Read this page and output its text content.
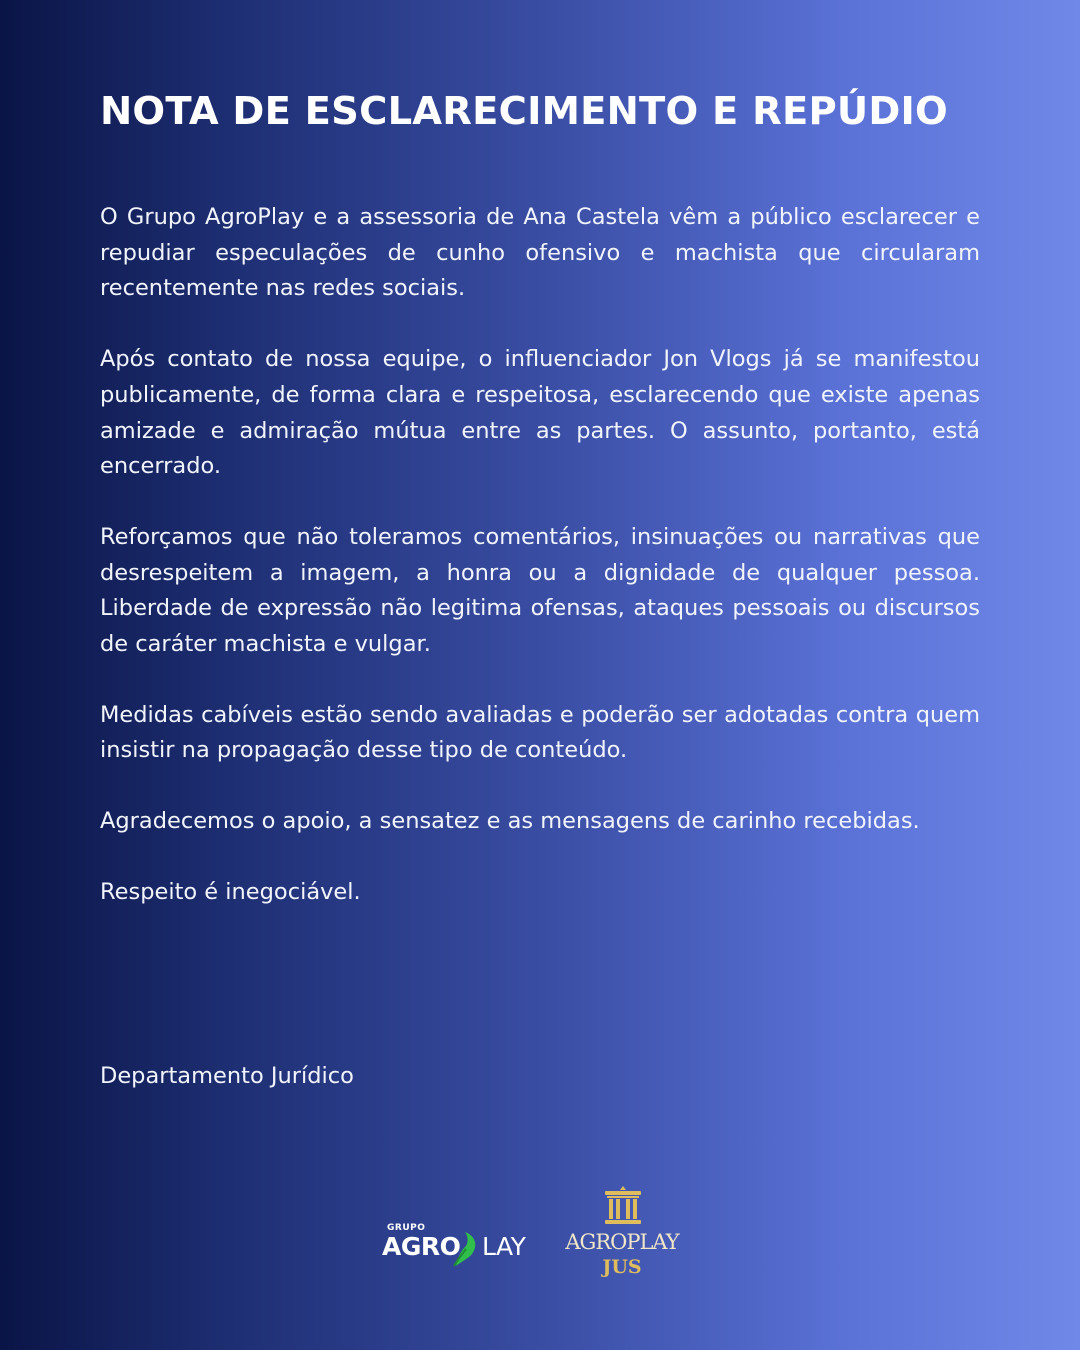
NOTA DE ESCLARECIMENTO E REPÚDIO

O Grupo AgroPlay e a assessoria de Ana Castela vêm a público esclarecer e repudiar especulações de cunho ofensivo e machista que circularam recentemente nas redes sociais.

Após contato de nossa equipe, o influenciador Jon Vlogs já se manifestou publicamente, de forma clara e respeitosa, esclarecendo que existe apenas amizade e admiração mútua entre as partes. O assunto, portanto, está encerrado.

Reforçamos que não toleramos comentários, insinuações ou narrativas que desrespeitem a imagem, a honra ou a dignidade de qualquer pessoa. Liberdade de expressão não legitima ofensas, ataques pessoais ou discursos de caráter machista e vulgar.

Medidas cabíveis estão sendo avaliadas e poderão ser adotadas contra quem insistir na propagação desse tipo de conteúdo.

Agradecemos o apoio, a sensatez e as mensagens de carinho recebidas.

Respeito é inegociável.

Departamento Jurídico

GRUPO
AGRO LAY AGROPLAY
JUS
